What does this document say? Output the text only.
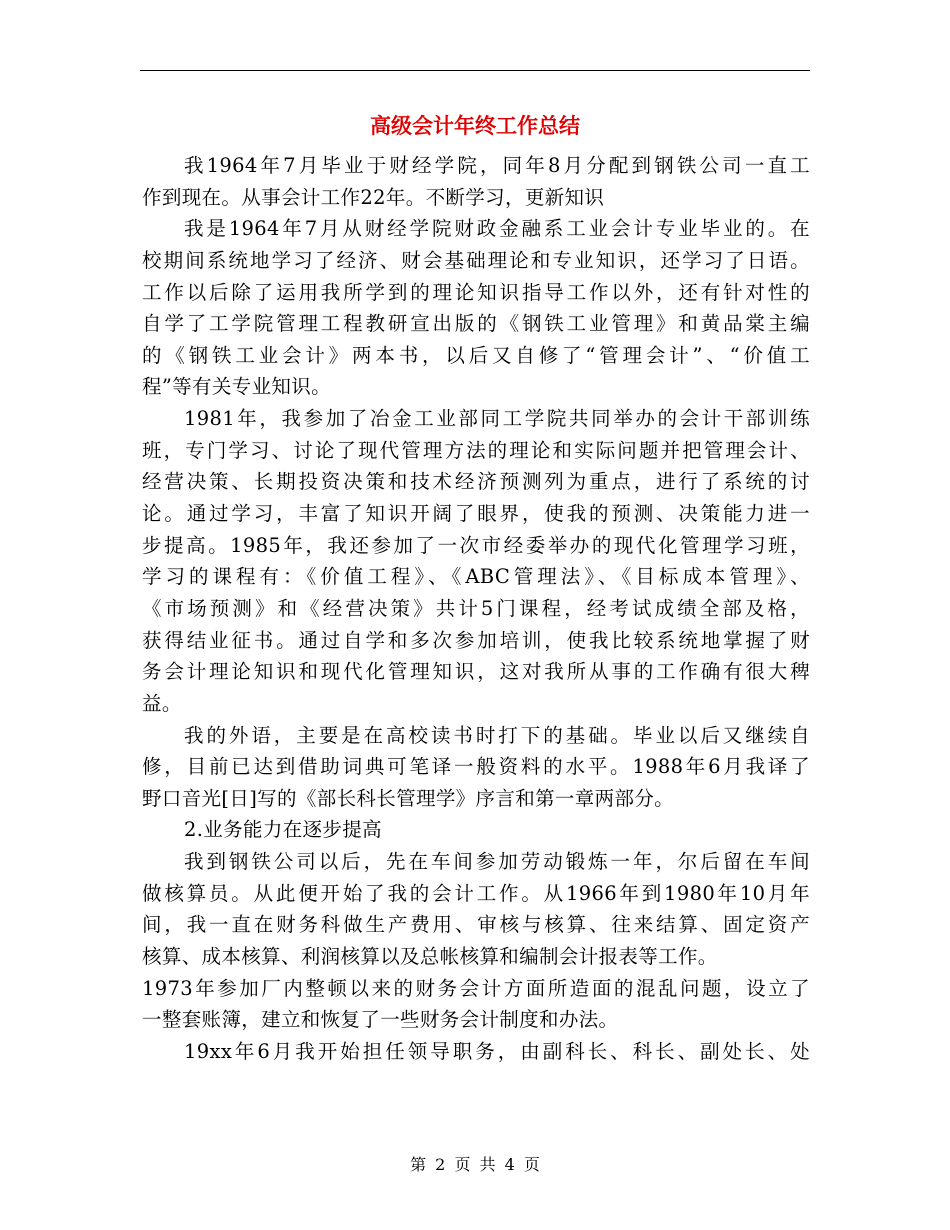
高级会计年终工作总结
我1964年7月毕业于财经学院，同年8月分配到钢铁公司一直工
作到现在。从事会计工作22年。不断学习，更新知识
我是1964年7月从财经学院财政金融系工业会计专业毕业的。在
校期间系统地学习了经济、财会基础理论和专业知识，还学习了日语。
工作以后除了运用我所学到的理论知识指导工作以外，还有针对性的
自学了工学院管理工程教研宣出版的《钢铁工业管理》和黄品棠主编
的《钢铁工业会计》两本书，以后又自修了“管理会计”、“价值工
程”等有关专业知识。
1981年，我参加了冶金工业部同工学院共同举办的会计干部训练
班，专门学习、讨论了现代管理方法的理论和实际问题并把管理会计、
经营决策、长期投资决策和技术经济预测列为重点，进行了系统的讨
论。通过学习，丰富了知识开阔了眼界，使我的预测、决策能力进一
步提高。1985年，我还参加了一次市经委举办的现代化管理学习班，
学习的课程有：《价值工程》、《ABC管理法》、《目标成本管理》、
《市场预测》和《经营决策》共计5门课程，经考试成绩全部及格，
获得结业征书。通过自学和多次参加培训，使我比较系统地掌握了财
务会计理论知识和现代化管理知识，这对我所从事的工作确有很大稗
益。
我的外语，主要是在高校读书时打下的基础。毕业以后又继续自
修，目前已达到借助词典可笔译一般资料的水平。1988年6月我译了
野口音光[日]写的《部长科长管理学》序言和第一章两部分。
2.业务能力在逐步提高
我到钢铁公司以后，先在车间参加劳动锻炼一年，尔后留在车间
做核算员。从此便开始了我的会计工作。从1966年到1980年10月年
间，我一直在财务科做生产费用、审核与核算、往来结算、固定资产
核算、成本核算、利润核算以及总帐核算和编制会计报表等工作。
1973年参加厂内整顿以来的财务会计方面所造面的混乱问题，设立了
一整套账簿，建立和恢复了一些财务会计制度和办法。
19xx年6月我开始担任领导职务，由副科长、科长、副处长、处
第 2 页 共 4 页
